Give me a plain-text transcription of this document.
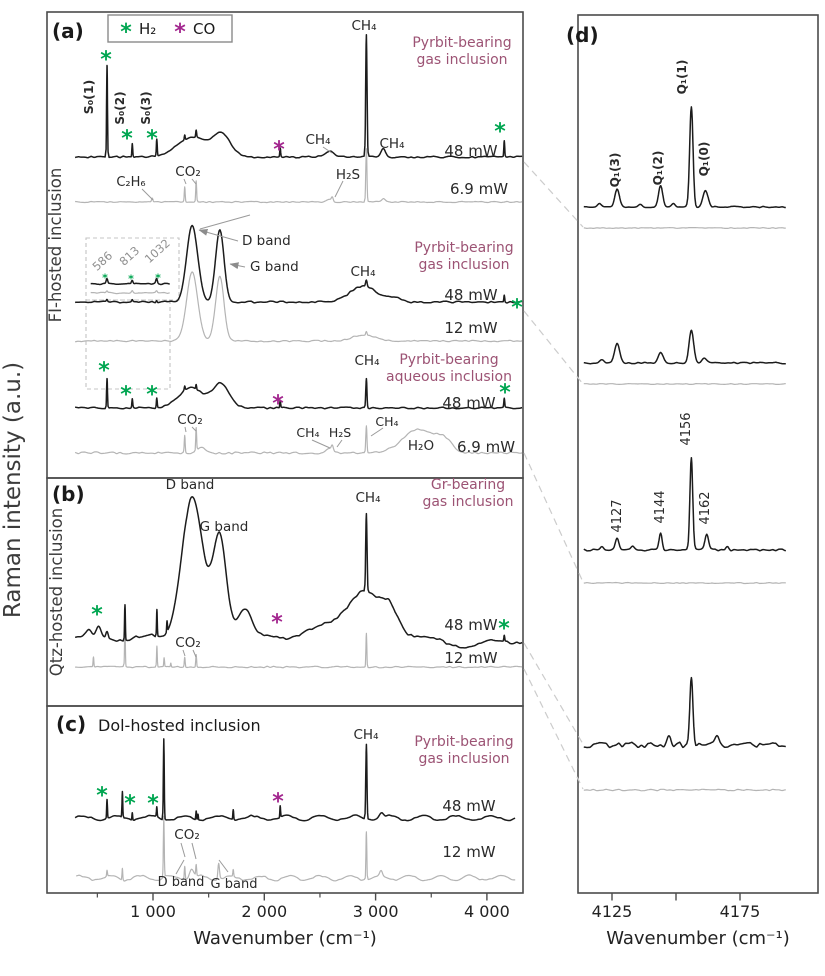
1 000	2 000	3 000	4 000	4125	4175
S₀(1) S₀(2) S₀(3)
C₂H₆
CO₂
CH₄
CH₄
CH₄
H₂S
48 mW
6.9 mW
Pyrbit-bearing
gas inclusion
586 813 1032	D band
G band	CH₄
48 mW
12 mW
Pyrbit-bearing
gas inclusion
CO₂
CH₄
CH₄ H₂S
CH₄
H₂O
48 mW
6.9 mW
Pyrbit-bearing
aqueous inclusion
D band
G band
CH₄
CO₂
48 mW
12 mW
Gr-bearing
gas inclusion
CH₄
CO₂
D band G band
48 mW
12 mW
Pyrbit-bearing
gas inclusion
Q₁(3) Q₁(2)
Q₁(1)
Q₁(0)
4127 4144
4156
4162
*
* *	*
*
*
*
* *	*	*
*	*	*
* * *	*
* * *
* H₂ * CO
(a)
(b)
(c)
(d)
Dol-hosted inclusion
FI-hosted inclusion
Qtz-hosted inclusion
Raman intensity (a.u.)
Wavenumber (cm⁻¹)	Wavenumber (cm⁻¹)
